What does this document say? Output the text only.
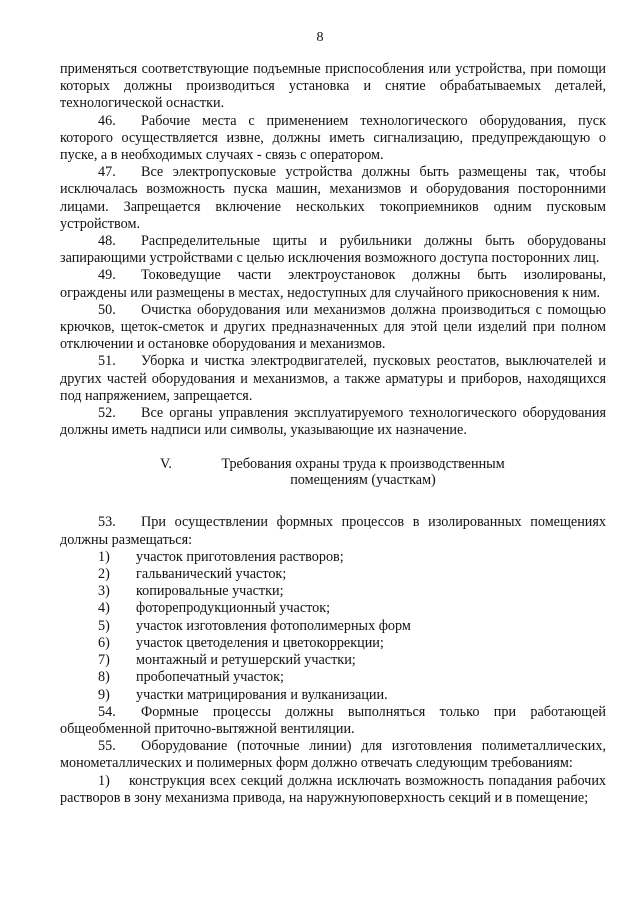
8

применяться соответствующие подъемные приспособления или устройства, при помощи которых должны производиться установка и снятие обрабатываемых деталей, технологической оснастки.

46. Рабочие места с применением технологического оборудования, пуск которого осуществляется извне, должны иметь сигнализацию, предупреждающую о пуске, а в необходимых случаях - связь с оператором.

47. Все электропусковые устройства должны быть размещены так, чтобы исключалась возможность пуска машин, механизмов и оборудования посторонними лицами. Запрещается включение нескольких токоприемников одним пусковым устройством.

48. Распределительные щиты и рубильники должны быть оборудованы запирающими устройствами с целью исключения возможного доступа посторонних лиц.

49. Токоведущие части электроустановок должны быть изолированы, ограждены или размещены в местах, недоступных для случайного прикосновения к ним.

50. Очистка оборудования или механизмов должна производиться с помощью крючков, щеток-сметок и других предназначенных для этой цели изделий при полном отключении и остановке оборудования и механизмов.

51. Уборка и чистка электродвигателей, пусковых реостатов, выключателей и других частей оборудования и механизмов, а также арматуры и приборов, находящихся под напряжением, запрещается.

52. Все органы управления эксплуатируемого технологического оборудования должны иметь надписи или символы, указывающие их назначение.

V.	Требования охраны труда к производственным
помещениям (участкам)

53. При осуществлении формных процессов в изолированных помещениях должны размещаться:

1) участок приготовления растворов;

2) гальванический участок;

3) копировальные участки;

4) фоторепродукционный участок;

5) участок изготовления фотополимерных форм

6) участок цветоделения и цветокоррекции;

7) монтажный и ретушерский участки;

8) пробопечатный участок;

9) участки матрицирования и вулканизации.

54. Формные процессы должны выполняться только при работающей общеобменной приточно-вытяжной вентиляции.

55. Оборудование (поточные линии) для изготовления полиметаллических, монометаллических и полимерных форм должно отвечать следующим требованиям:

1) конструкция всех секций должна исключать возможность попадания рабочих растворов в зону механизма привода, на наружнуюповерхность секций и в помещение;
